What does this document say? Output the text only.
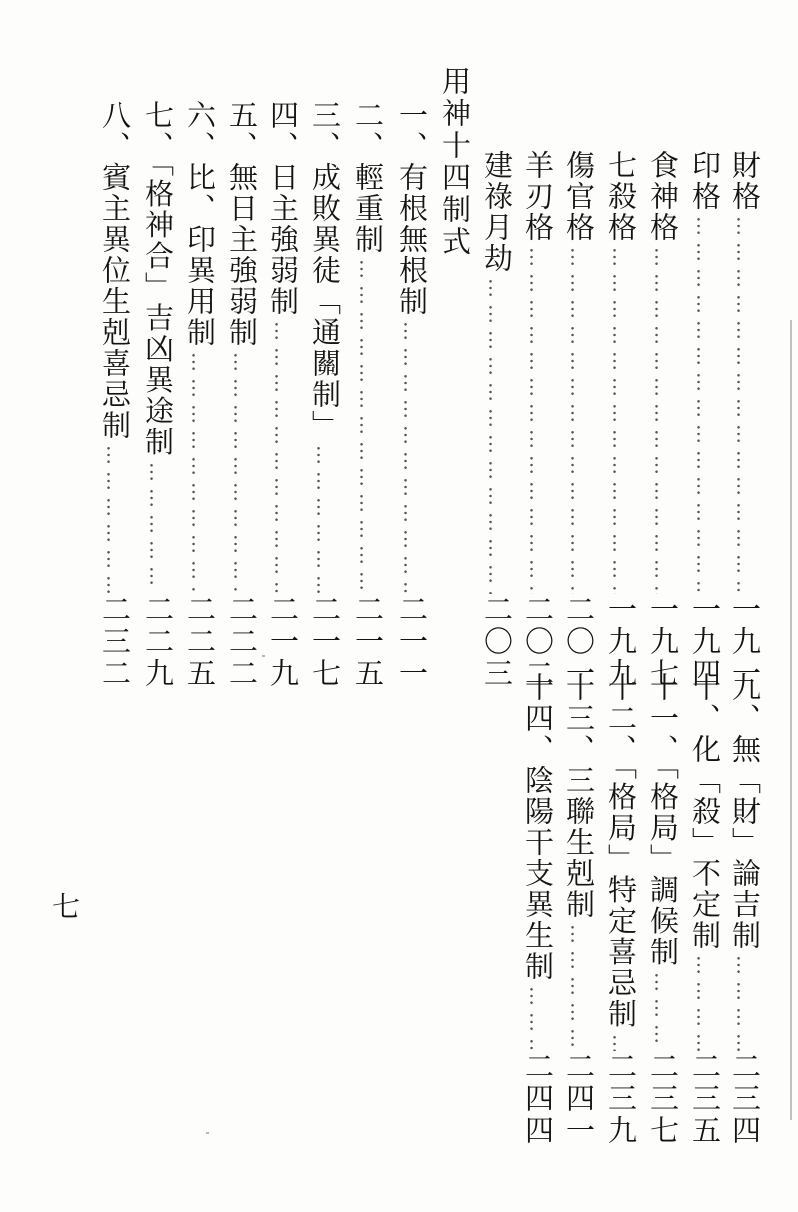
財格
…………………………………………………………………………
一九一
印格
…………………………………………………………………………
一九四
食神格
…………………………………………………………………………
一九七
七殺格
…………………………………………………………………………
一九九
傷官格
…………………………………………………………………………
二〇一
羊刃格
…………………………………………………………………………
二〇二
建祿月劫
…………………………………………………………………………
二〇三
用神十四制式
一、有根無根制
…………………………………………………………………………
二一一
二、輕重制
…………………………………………………………………………
二一五
三、成敗異徒「通關制」
…………………………………………………………………………
二一七
四、日主強弱制
…………………………………………………………………………
二一九
五、無日主強弱制
…………………………………………………………………………
二二二
六、比、印異用制
…………………………………………………………………………
二二五
七、「格神合」吉凶異途制
…………………………………………………………………………
二二九
八、賓主異位生剋喜忌制
…………………………………………………………………………
二三二
九、無「財」論吉制
…………………………………………………………………………
二三四
十、化「殺」不定制
…………………………………………………………………………
二三五
十一、「格局」調候制
…………………………………………………………………………
二三七
十二、「格局」特定喜忌制
…………………………………………………………………………
二三九
十三、三聯生剋制
…………………………………………………………………………
二四一
十四、陰陽干支異生制
…………………………………………………………………………
二四四
七
